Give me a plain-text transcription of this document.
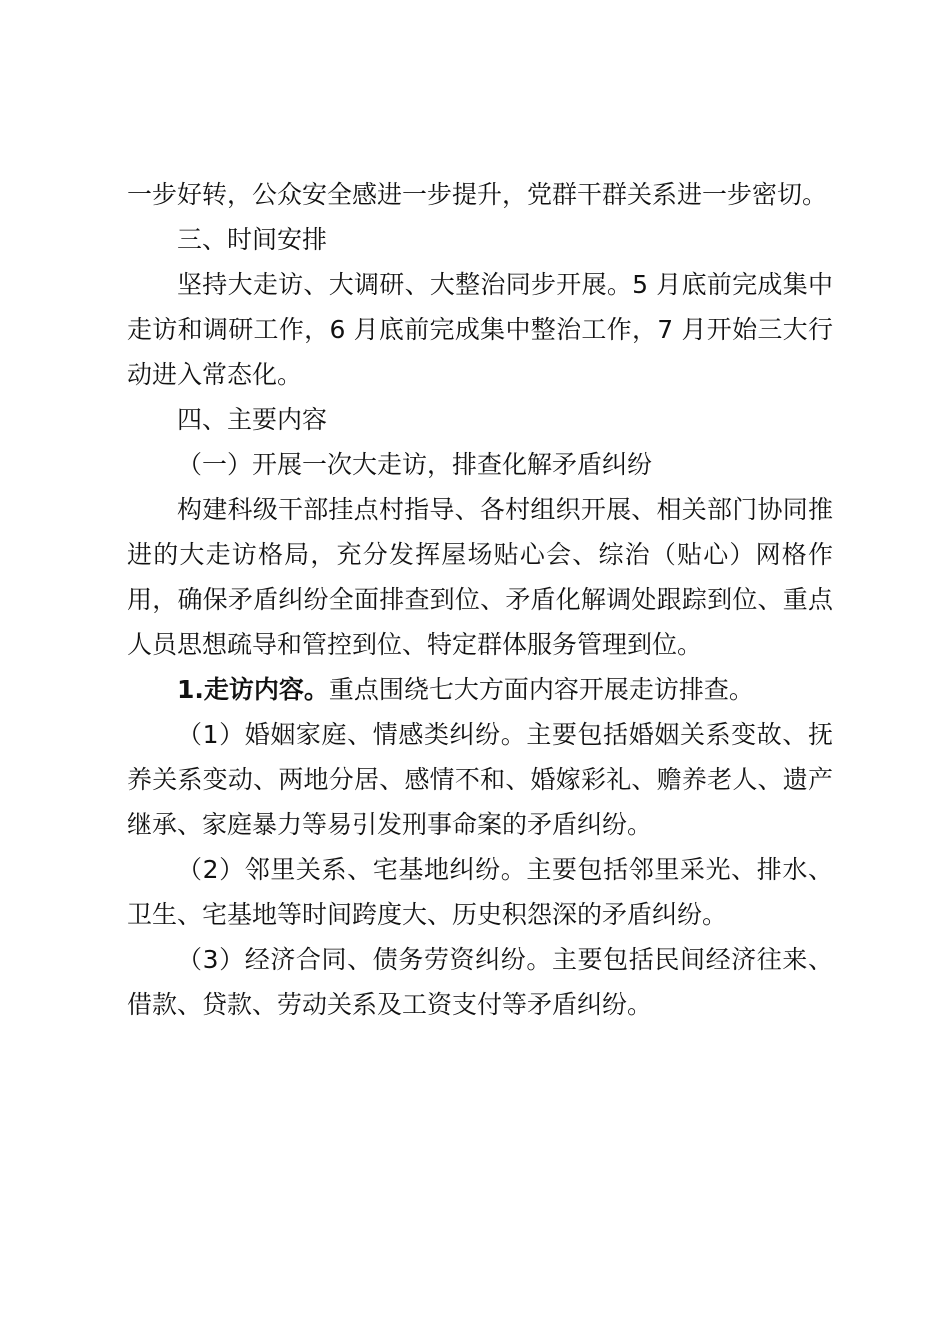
一步好转，公众安全感进一步提升，党群干群关系进一步密切。

三、时间安排

坚持大走访、大调研、大整治同步开展。5 月底前完成集中走访和调研工作，6 月底前完成集中整治工作，7 月开始三大行动进入常态化。

四、主要内容

（一）开展一次大走访，排查化解矛盾纠纷

构建科级干部挂点村指导、各村组织开展、相关部门协同推进的大走访格局，充分发挥屋场贴心会、综治（贴心）网格作用，确保矛盾纠纷全面排查到位、矛盾化解调处跟踪到位、重点人员思想疏导和管控到位、特定群体服务管理到位。

1.走访内容。重点围绕七大方面内容开展走访排查。

（1）婚姻家庭、情感类纠纷。主要包括婚姻关系变故、抚养关系变动、两地分居、感情不和、婚嫁彩礼、赡养老人、遗产继承、家庭暴力等易引发刑事命案的矛盾纠纷。

（2）邻里关系、宅基地纠纷。主要包括邻里采光、排水、卫生、宅基地等时间跨度大、历史积怨深的矛盾纠纷。

（3）经济合同、债务劳资纠纷。主要包括民间经济往来、借款、贷款、劳动关系及工资支付等矛盾纠纷。
